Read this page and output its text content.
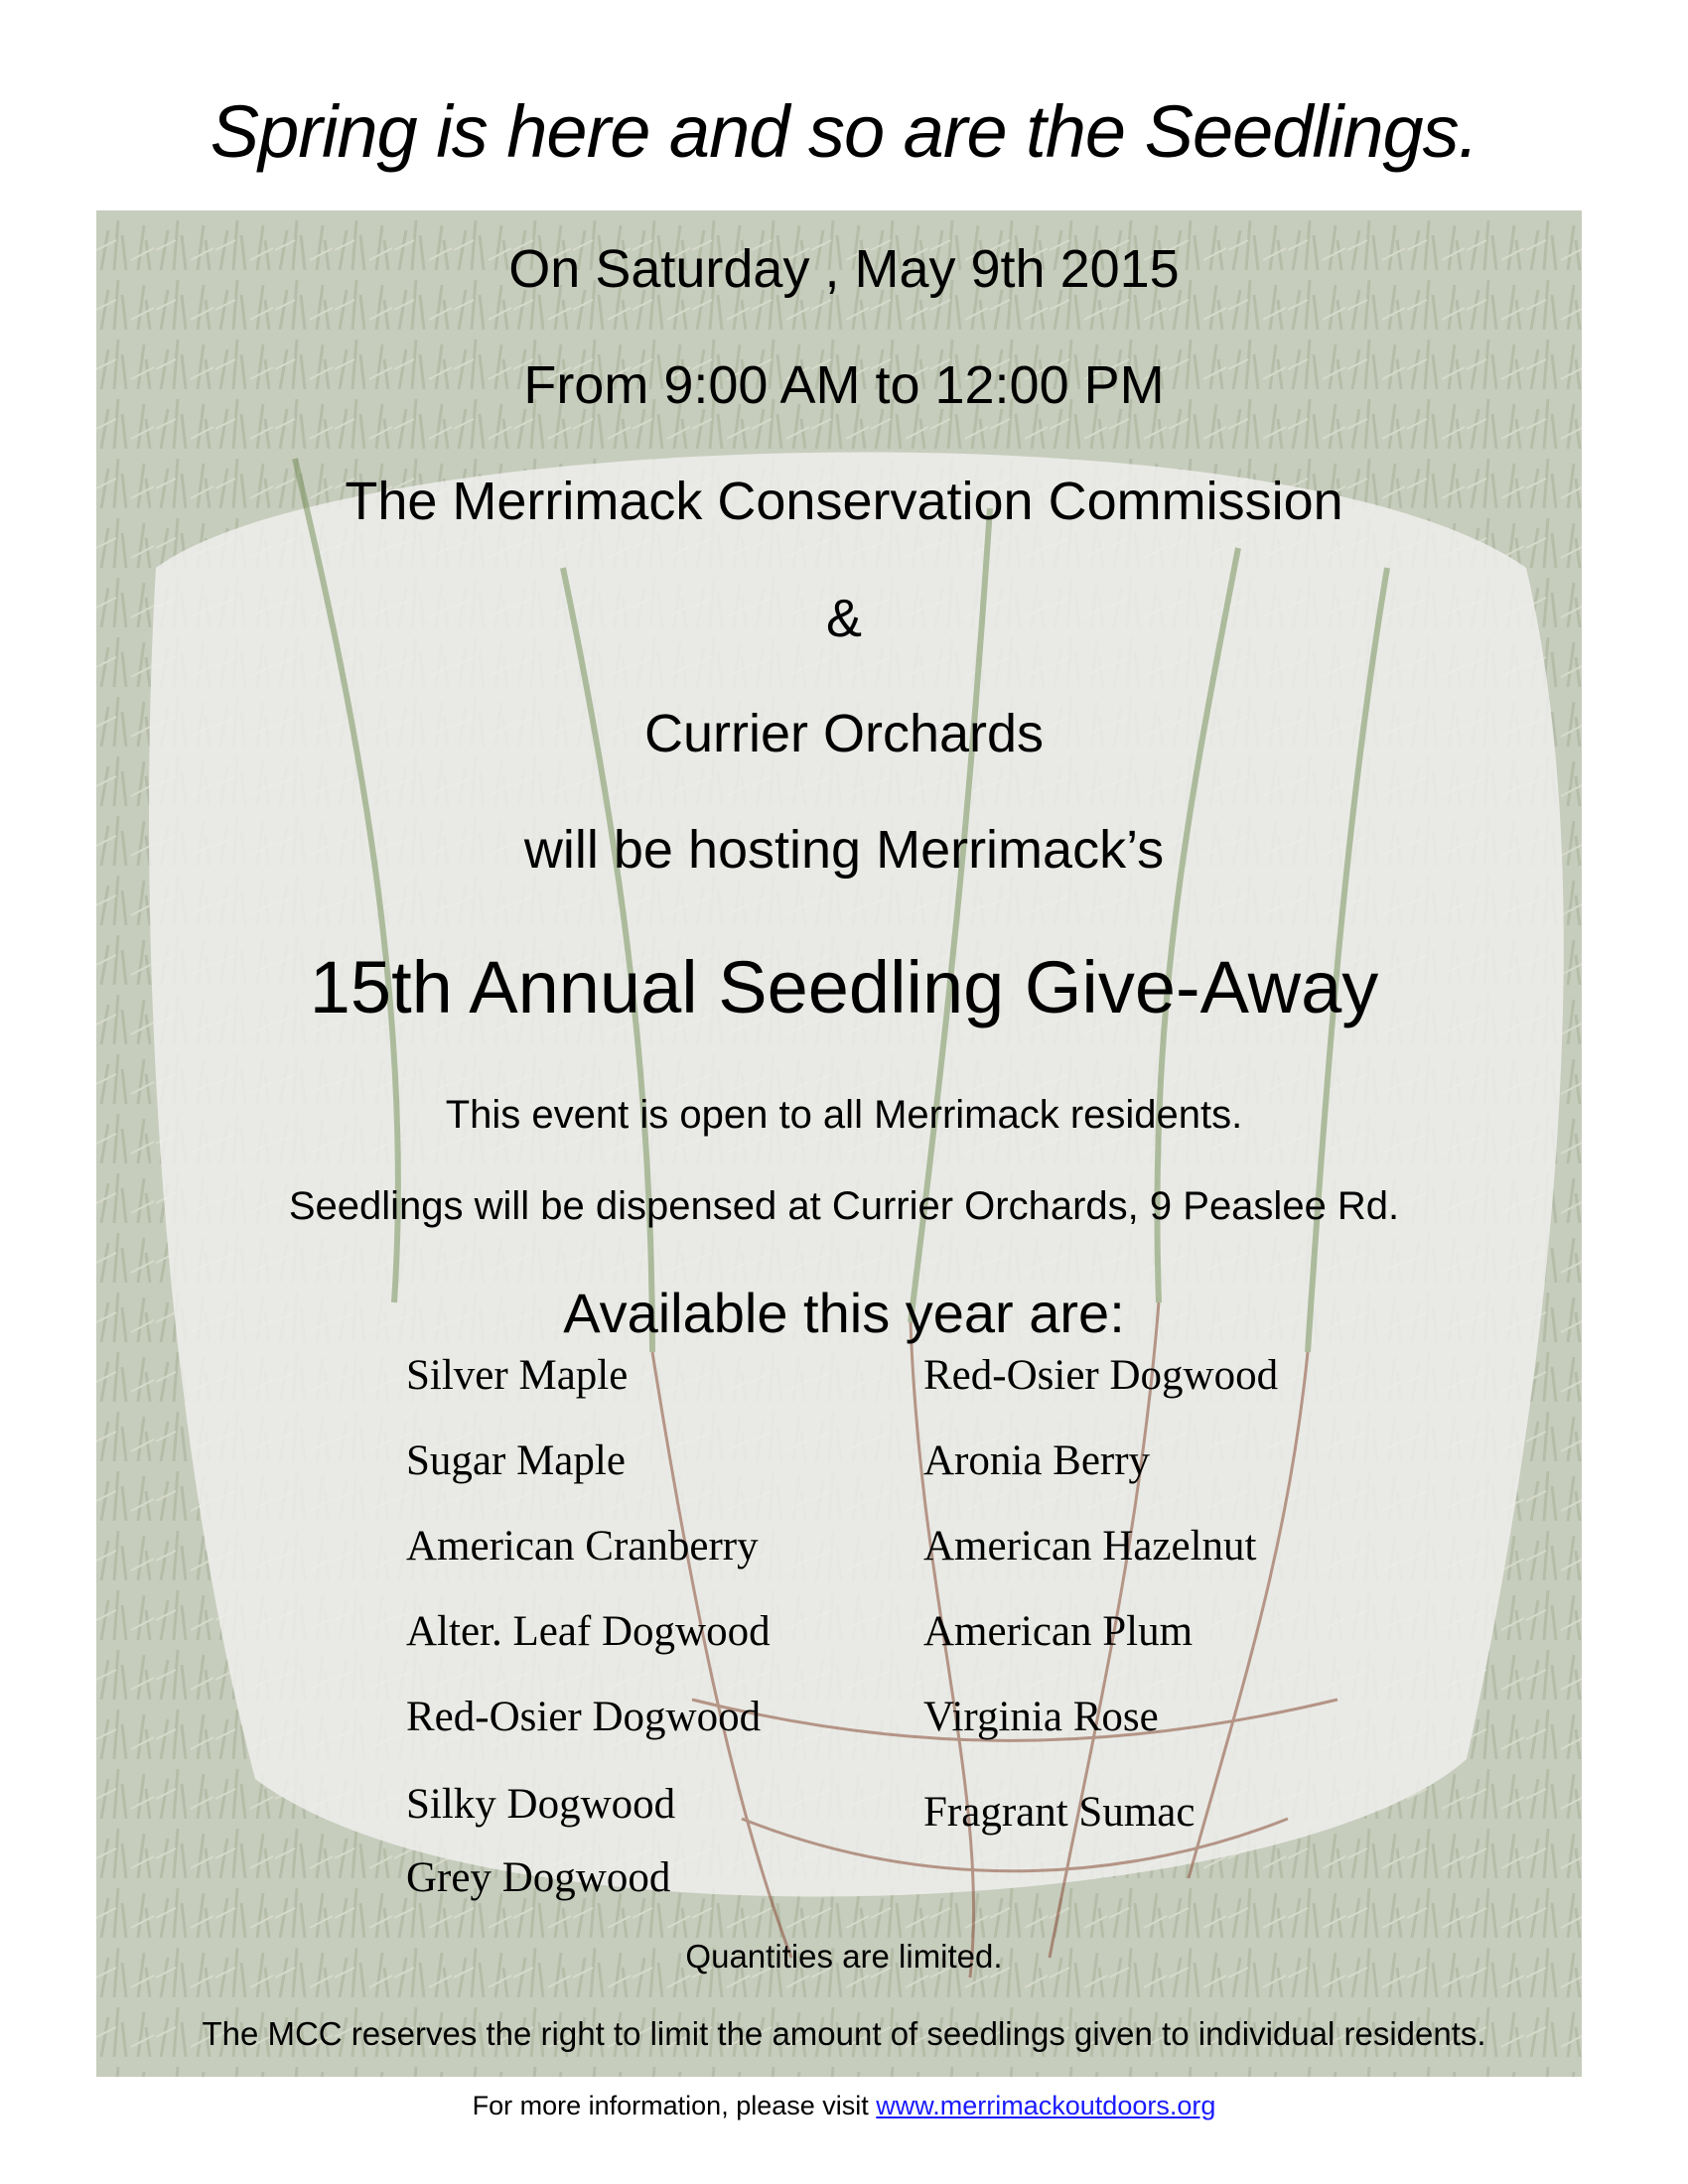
Spring is here and so are the Seedlings.
On Saturday , May 9th 2015
From 9:00 AM to 12:00 PM
The Merrimack Conservation Commission
&
Currier Orchards
will be hosting Merrimack’s
15th Annual Seedling Give-Away
This event is open to all Merrimack residents.
Seedlings will be dispensed at Currier Orchards, 9 Peaslee Rd.
Available this year are:
Silver Maple
Sugar Maple
American Cranberry
Alter. Leaf Dogwood
Red-Osier Dogwood
Silky Dogwood
Grey Dogwood
Red-Osier Dogwood
Aronia Berry
American Hazelnut
American Plum
Virginia Rose
Fragrant Sumac
Quantities are limited.
The MCC reserves the right to limit the amount of seedlings given to individual residents.
For more information, please visit www.merrimackoutdoors.org
